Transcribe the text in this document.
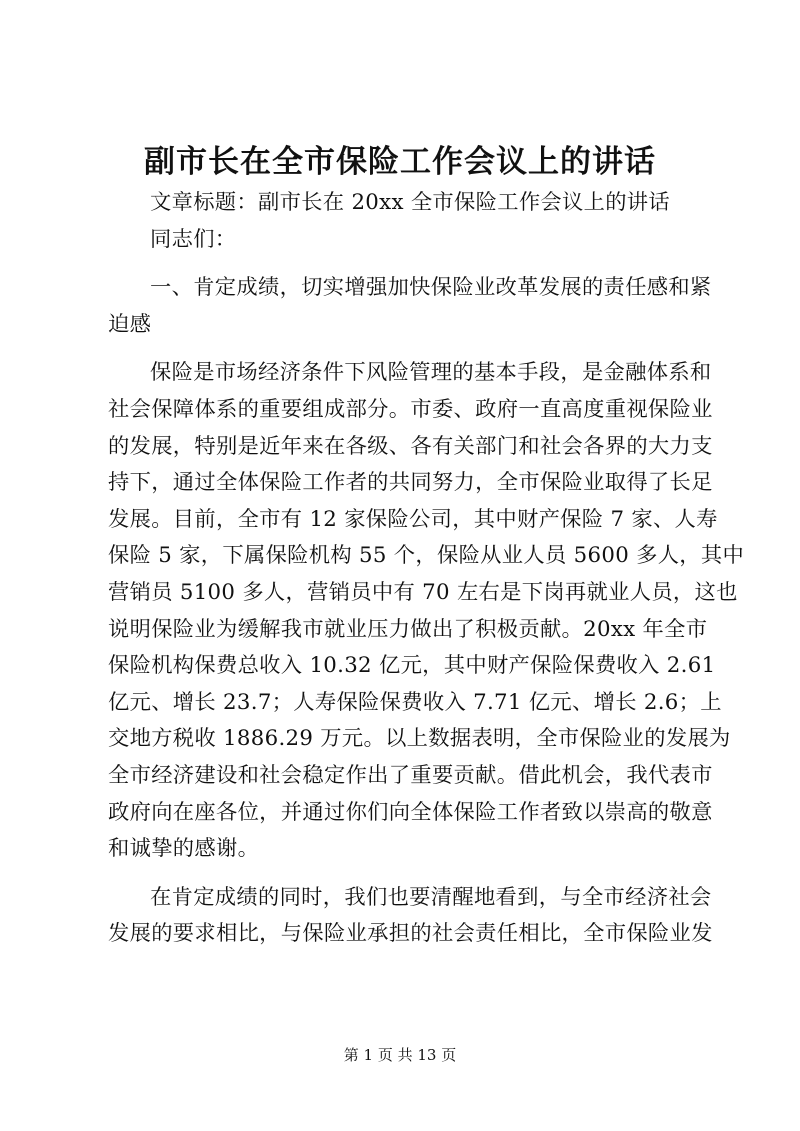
副市长在全市保险工作会议上的讲话
文章标题：副市长在 20xx 全市保险工作会议上的讲话
同志们：
一、肯定成绩，切实增强加快保险业改革发展的责任感和紧
迫感
保险是市场经济条件下风险管理的基本手段，是金融体系和
社会保障体系的重要组成部分。市委、政府一直高度重视保险业
的发展，特别是近年来在各级、各有关部门和社会各界的大力支
持下，通过全体保险工作者的共同努力，全市保险业取得了长足
发展。目前，全市有 12 家保险公司，其中财产保险 7 家、人寿
保险 5 家，下属保险机构 55 个，保险从业人员 5600 多人，其中
营销员 5100 多人，营销员中有 70 左右是下岗再就业人员，这也
说明保险业为缓解我市就业压力做出了积极贡献。20xx 年全市
保险机构保费总收入 10.32 亿元，其中财产保险保费收入 2.61
亿元、增长 23.7；人寿保险保费收入 7.71 亿元、增长 2.6；上
交地方税收 1886.29 万元。以上数据表明，全市保险业的发展为
全市经济建设和社会稳定作出了重要贡献。借此机会，我代表市
政府向在座各位，并通过你们向全体保险工作者致以崇高的敬意
和诚挚的感谢。
在肯定成绩的同时，我们也要清醒地看到，与全市经济社会
发展的要求相比，与保险业承担的社会责任相比，全市保险业发
第 1 页 共 13 页
